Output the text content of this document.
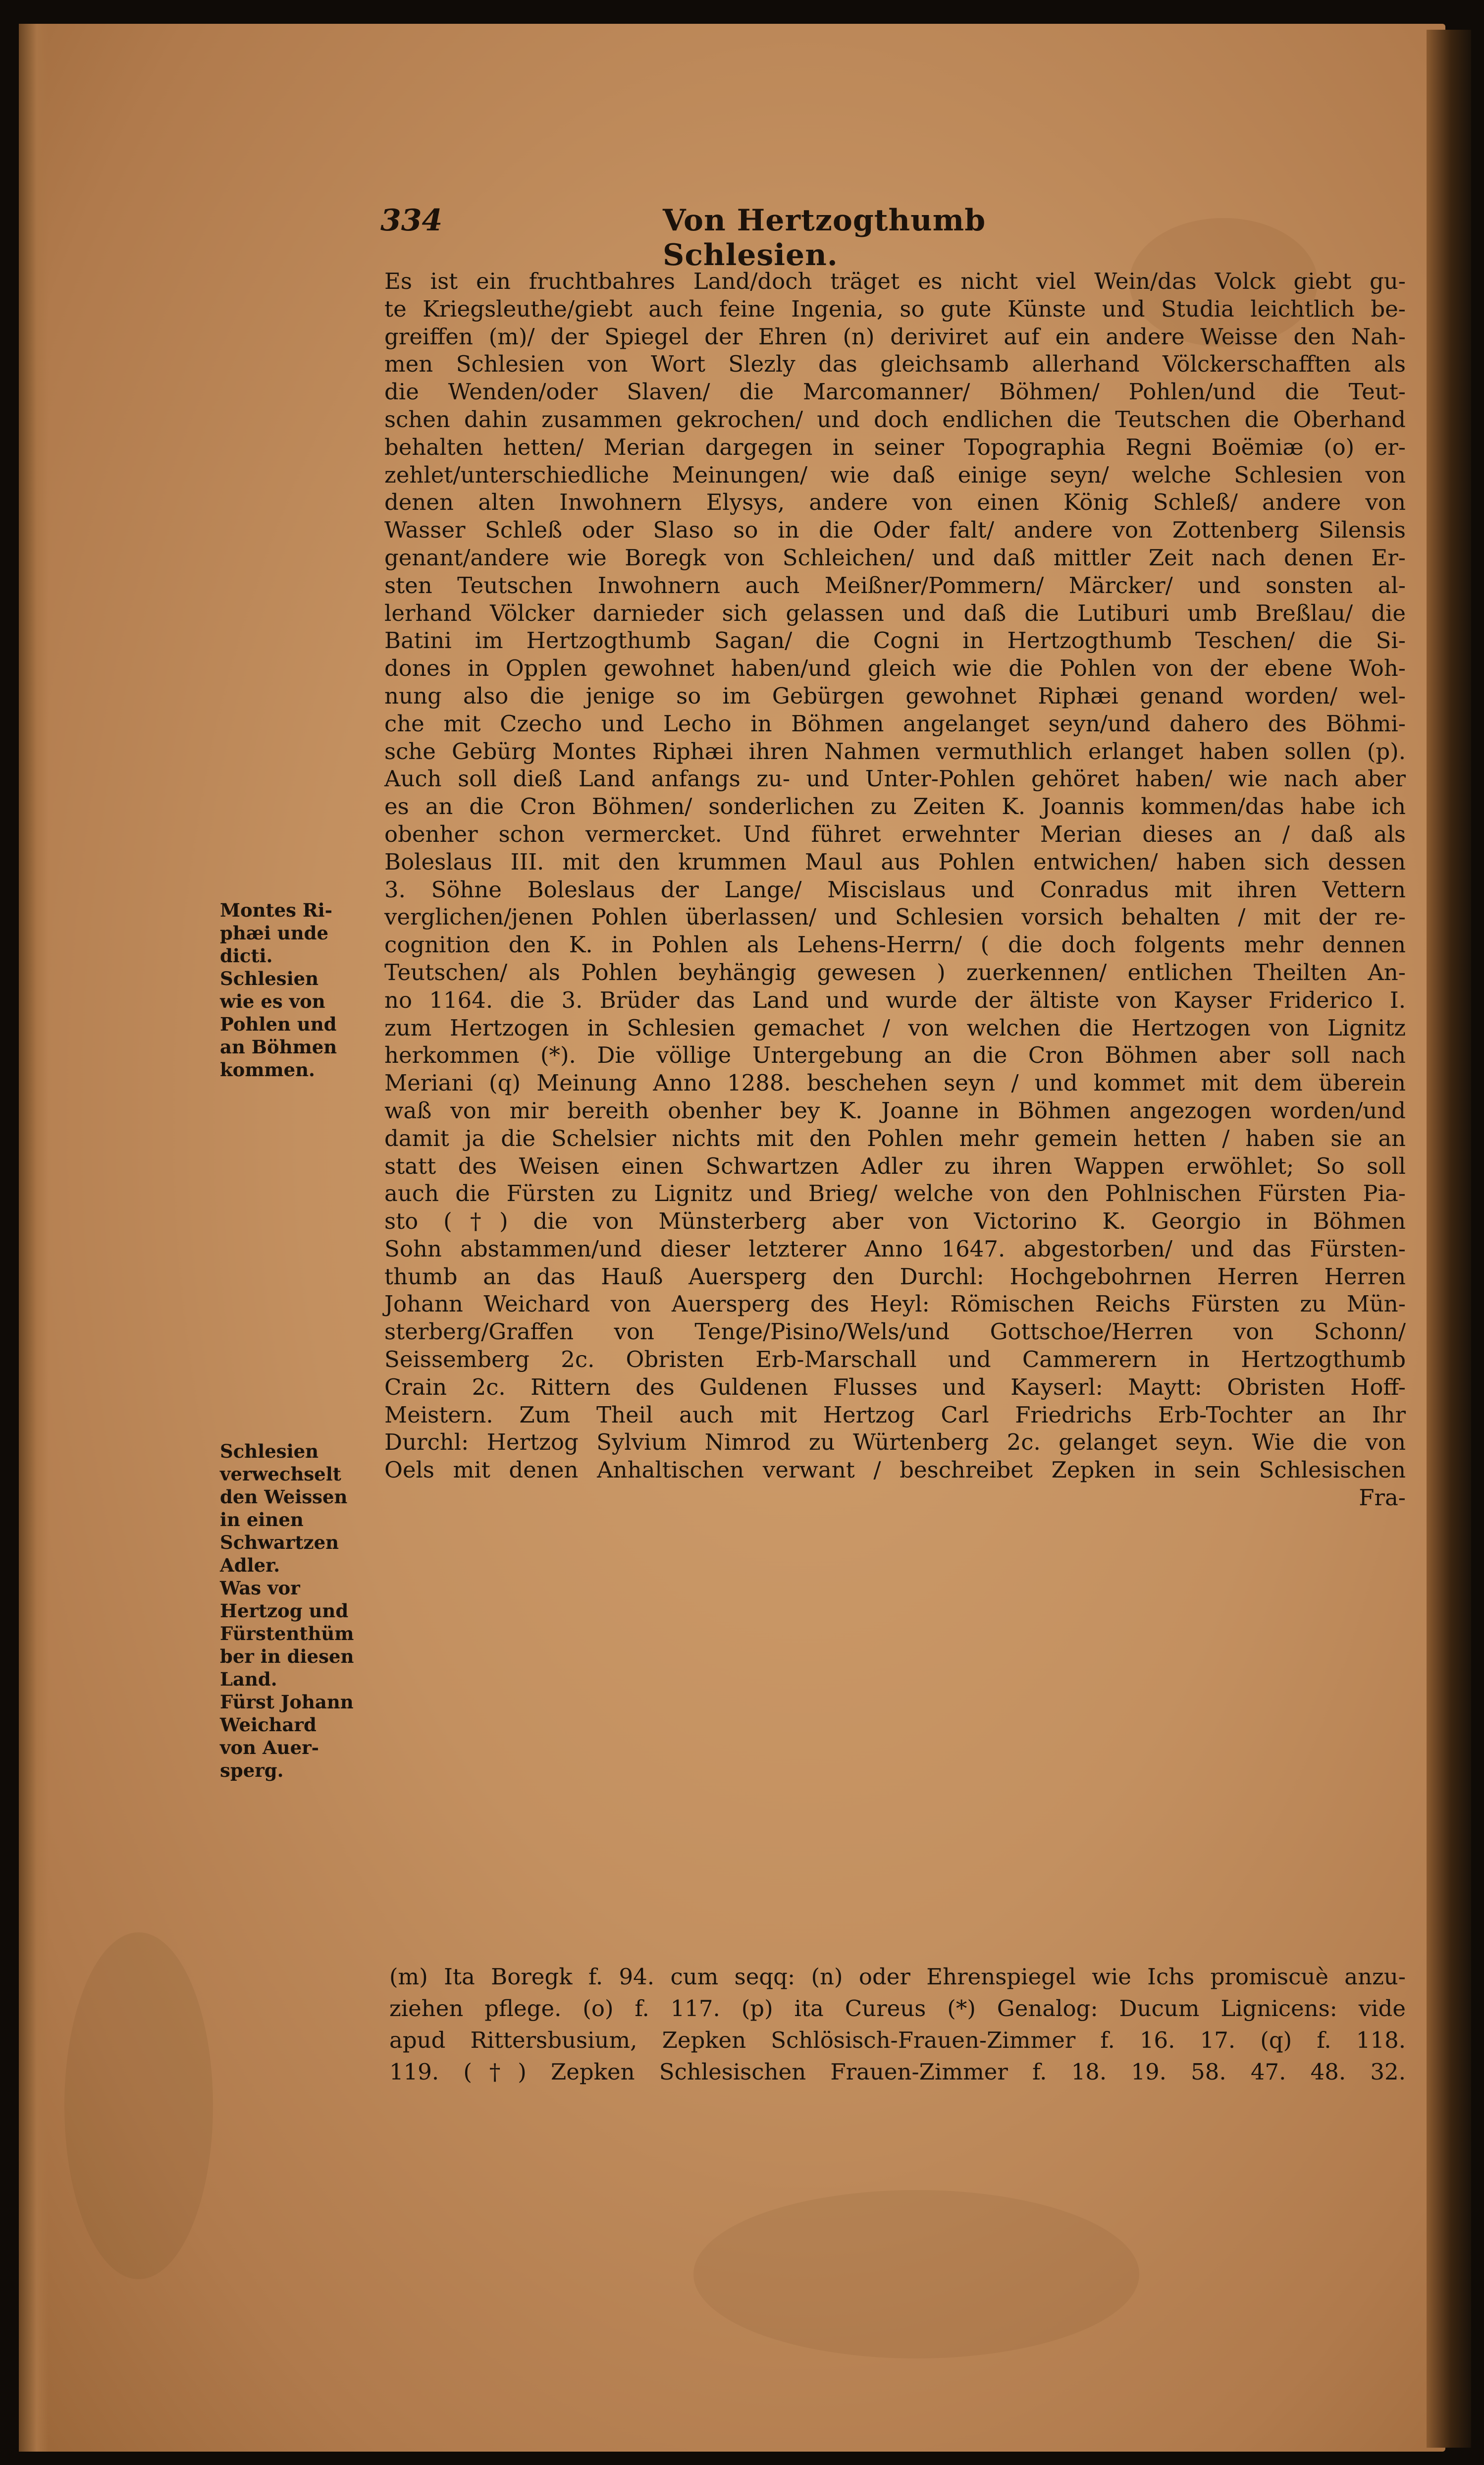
334	Von Hertzogthumb Schlesien.
Es ist ein fruchtbahres Land/doch träget es nicht viel Wein/das Volck giebt gu-
te Kriegsleuthe/giebt auch feine Ingenia, so gute Künste und Studia leichtlich be-
greiffen (m)/ der Spiegel der Ehren (n) deriviret auf ein andere Weisse den Nah-
men Schlesien von Wort Slezly das gleichsamb allerhand Völckerschafften als
die Wenden/oder Slaven/ die Marcomanner/ Böhmen/ Pohlen/und die Teut-
schen dahin zusammen gekrochen/ und doch endlichen die Teutschen die Oberhand
behalten hetten/ Merian dargegen in seiner Topographia Regni Boëmiæ (o) er-
zehlet/unterschiedliche Meinungen/ wie daß einige seyn/ welche Schlesien von
denen alten Inwohnern Elysys, andere von einen König Schleß/ andere von
Wasser Schleß oder Slaso so in die Oder falt/ andere von Zottenberg Silensis
genant/andere wie Boregk von Schleichen/ und daß mittler Zeit nach denen Er-
sten Teutschen Inwohnern auch Meißner/Pommern/ Märcker/ und sonsten al-
lerhand Völcker darnieder sich gelassen und daß die Lutiburi umb Breßlau/ die
Batini im Hertzogthumb Sagan/ die Cogni in Hertzogthumb Teschen/ die Si-
dones in Opplen gewohnet haben/und gleich wie die Pohlen von der ebene Woh-
nung also die jenige so im Gebürgen gewohnet Riphæi genand worden/ wel-
che mit Czecho und Lecho in Böhmen angelanget seyn/und dahero des Böhmi-
sche Gebürg Montes Riphæi ihren Nahmen vermuthlich erlanget haben sollen (p).
Auch soll dieß Land anfangs zu- und Unter-Pohlen gehöret haben/ wie nach aber
es an die Cron Böhmen/ sonderlichen zu Zeiten K. Joannis kommen/das habe ich
obenher schon vermercket. Und führet erwehnter Merian dieses an / daß als
Boleslaus III. mit den krummen Maul aus Pohlen entwichen/ haben sich dessen
3. Söhne Boleslaus der Lange/ Miscislaus und Conradus mit ihren Vettern
verglichen/jenen Pohlen überlassen/ und Schlesien vorsich behalten / mit der re-
cognition den K. in Pohlen als Lehens-Herrn/ ( die doch folgents mehr dennen
Teutschen/ als Pohlen beyhängig gewesen ) zuerkennen/ entlichen Theilten An-
no 1164. die 3. Brüder das Land und wurde der ältiste von Kayser Friderico I.
zum Hertzogen in Schlesien gemachet / von welchen die Hertzogen von Lignitz
herkommen (*). Die völlige Untergebung an die Cron Böhmen aber soll nach
Meriani (q) Meinung Anno 1288. beschehen seyn / und kommet mit dem überein
waß von mir bereith obenher bey K. Joanne in Böhmen angezogen worden/und
damit ja die Schelsier nichts mit den Pohlen mehr gemein hetten / haben sie an
statt des Weisen einen Schwartzen Adler zu ihren Wappen erwöhlet; So soll
auch die Fürsten zu Lignitz und Brieg/ welche von den Pohlnischen Fürsten Pia-
sto (†) die von Münsterberg aber von Victorino K. Georgio in Böhmen
Sohn abstammen/und dieser letzterer Anno 1647. abgestorben/ und das Fürsten-
thumb an das Hauß Auersperg den Durchl: Hochgebohrnen Herren Herren
Johann Weichard von Auersperg des Heyl: Römischen Reichs Fürsten zu Mün-
sterberg/Graffen von Tenge/Pisino/Wels/und Gottschoe/Herren von Schonn/
Seissemberg 2c. Obristen Erb-Marschall und Cammerern in Hertzogthumb
Crain 2c. Rittern des Guldenen Flusses und Kayserl: Maytt: Obristen Hoff-
Meistern. Zum Theil auch mit Hertzog Carl Friedrichs Erb-Tochter an Ihr
Durchl: Hertzog Sylvium Nimrod zu Würtenberg 2c. gelanget seyn. Wie die von
Oels mit denen Anhaltischen verwant / beschreibet Zepken in sein Schlesischen
Fra-
Montes Ri-
phæi unde
dicti.
Schlesien
wie es von
Pohlen und
an Böhmen
kommen.
Schlesien
verwechselt
den Weissen
in einen
Schwartzen
Adler.
Was vor
Hertzog und
Fürstenthüm
ber in diesen
Land.
Fürst Johann
Weichard
von Auer-
sperg.
(m) Ita Boregk f. 94. cum seqq: (n) oder Ehrenspiegel wie Ichs promiscuè anzu-
ziehen pflege. (o) f. 117. (p) ita Cureus (*) Genalog: Ducum Lignicens: vide
apud Rittersbusium, Zepken Schlösisch-Frauen-Zimmer f. 16. 17. (q) f. 118.
119. (†) Zepken Schlesischen Frauen-Zimmer f. 18. 19. 58. 47. 48. 32.
